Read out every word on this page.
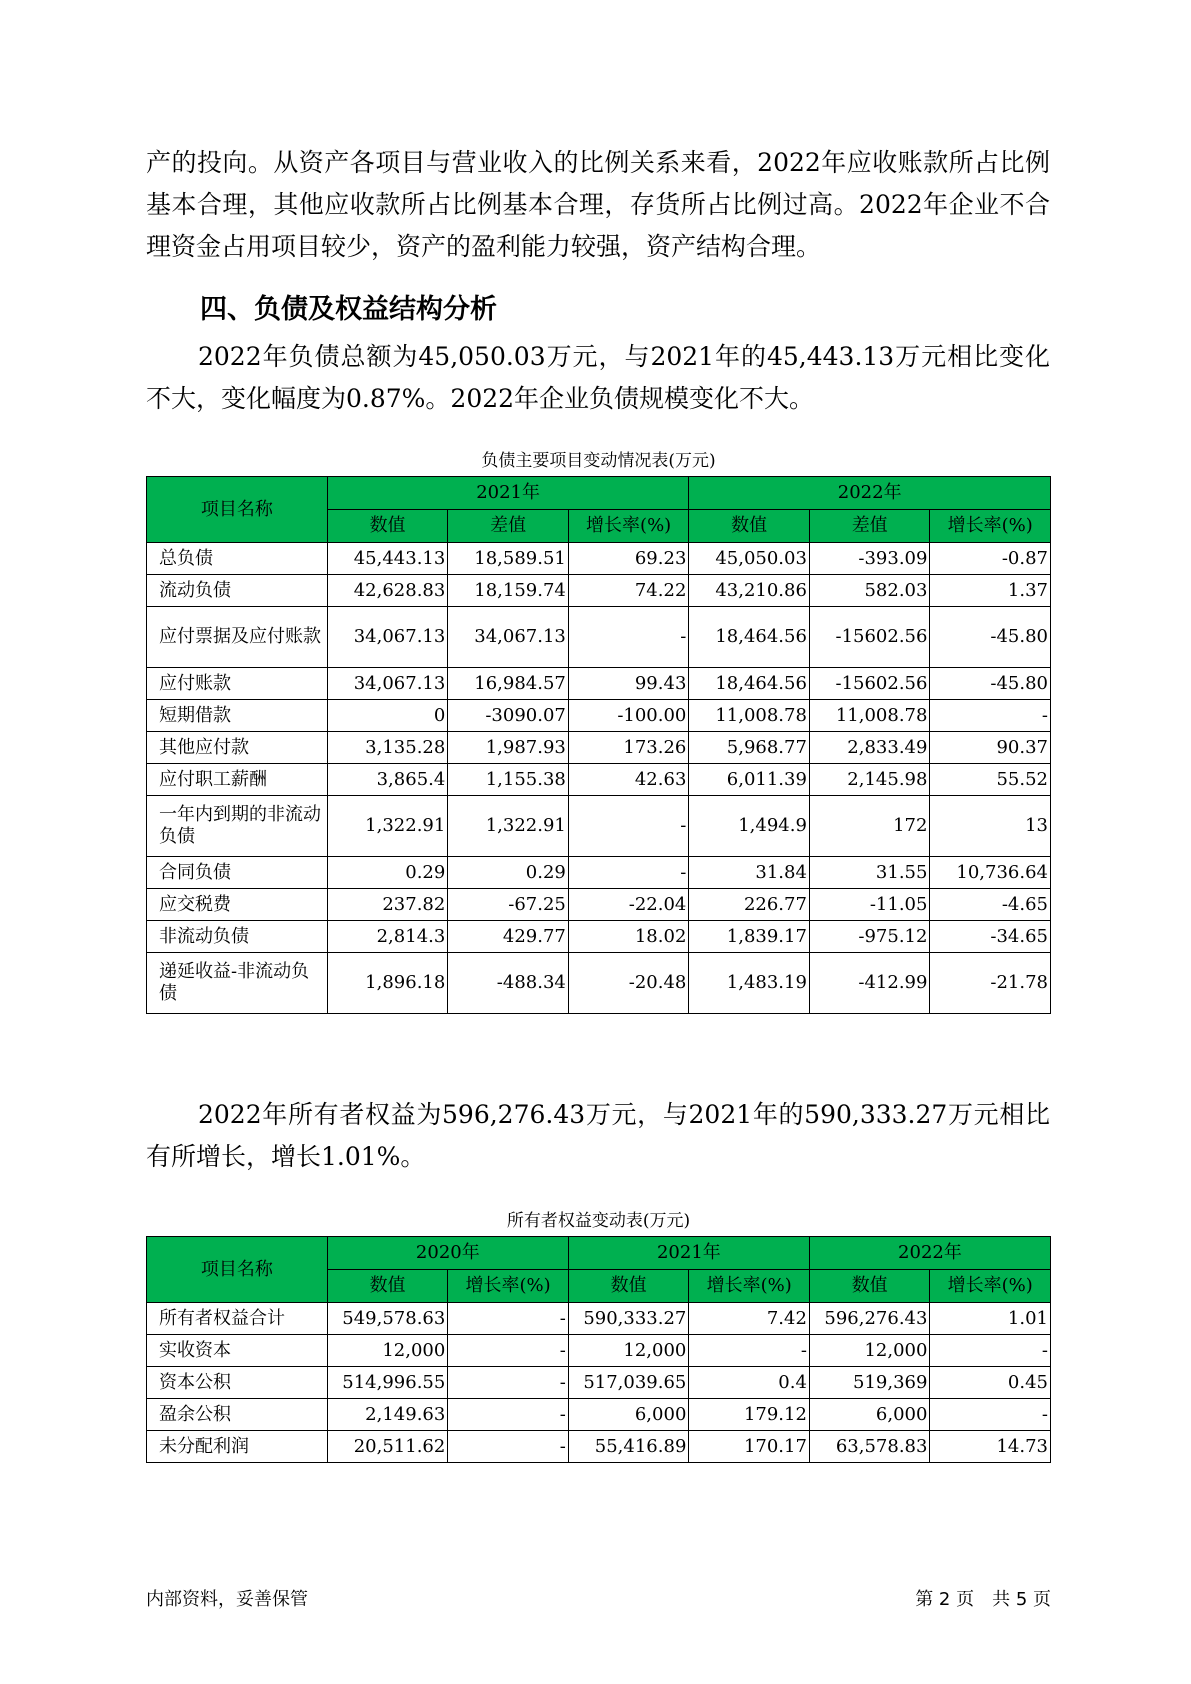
产的投向。从资产各项目与营业收入的比例关系来看，2022年应收账款所占比例基本合理，其他应收款所占比例基本合理，存货所占比例过高。2022年企业不合理资金占用项目较少，资产的盈利能力较强，资产结构合理。

四、负债及权益结构分析

2022年负债总额为45,050.03万元，与2021年的45,443.13万元相比变化不大，变化幅度为0.87%。2022年企业负债规模变化不大。

负债主要项目变动情况表(万元)

项目名称	2021年			2022年		
	数值	差值	增长率(%)	数值	差值	增长率(%)
总负债	45,443.13	18,589.51	69.23	45,050.03	-393.09	-0.87
流动负债	42,628.83	18,159.74	74.22	43,210.86	582.03	1.37
应付票据及应付账款	34,067.13	34,067.13	-	18,464.56	-15602.56	-45.80
应付账款	34,067.13	16,984.57	99.43	18,464.56	-15602.56	-45.80
短期借款	0	-3090.07	-100.00	11,008.78	11,008.78	-
其他应付款	3,135.28	1,987.93	173.26	5,968.77	2,833.49	90.37
应付职工薪酬	3,865.4	1,155.38	42.63	6,011.39	2,145.98	55.52
一年内到期的非流动负债	1,322.91	1,322.91	-	1,494.9	172	13
合同负债	0.29	0.29	-	31.84	31.55	10,736.64
应交税费	237.82	-67.25	-22.04	226.77	-11.05	-4.65
非流动负债	2,814.3	429.77	18.02	1,839.17	-975.12	-34.65
递延收益-非流动负债	1,896.18	-488.34	-20.48	1,483.19	-412.99	-21.78

2022年所有者权益为596,276.43万元，与2021年的590,333.27万元相比有所增长，增长1.01%。

所有者权益变动表(万元)

项目名称	2020年		2021年		2022年	
	数值	增长率(%)	数值	增长率(%)	数值	增长率(%)
所有者权益合计	549,578.63	-	590,333.27	7.42	596,276.43	1.01
实收资本	12,000	-	12,000	-	12,000	-
资本公积	514,996.55	-	517,039.65	0.4	519,369	0.45
盈余公积	2,149.63	-	6,000	179.12	6,000	-
未分配利润	20,511.62	-	55,416.89	170.17	63,578.83	14.73

内部资料，妥善保管	第 2 页　共 5 页
